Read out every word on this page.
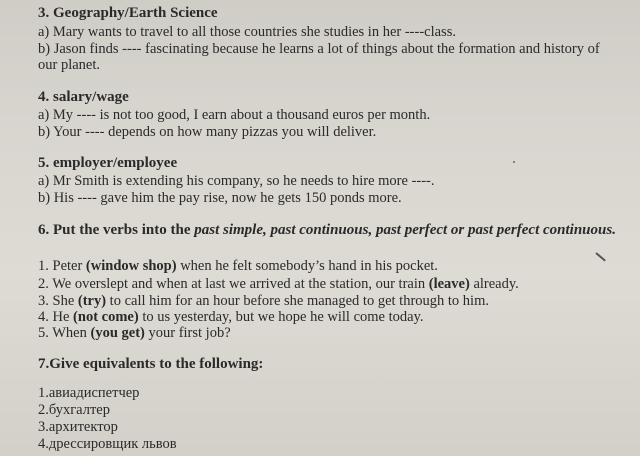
3. Geography/Earth Science
a) Mary wants to travel to all those countries she studies in her ----class.
b) Jason finds ---- fascinating because he learns a lot of things about the formation and history of
our planet.
4. salary/wage
a) My ---- is not too good, I earn about a thousand euros per month.
b) Your ---- depends on how many pizzas you will deliver.
5. employer/employee
a) Mr Smith is extending his company, so he needs to hire more ----.
b) His ---- gave him the pay rise, now he gets 150 ponds more.
6. Put the verbs into the past simple, past continuous, past perfect or past perfect continuous.
1. Peter (window shop) when he felt somebody’s hand in his pocket.
2. We overslept and when at last we arrived at the station, our train (leave) already.
3. She (try) to call him for an hour before she managed to get through to him.
4. He (not come) to us yesterday, but we hope he will come today.
5. When (you get) your first job?
7.Give equivalents to the following:
1.авиадиспетчер
2.бухгалтер
3.архитектор
4.дрессировщик львов
